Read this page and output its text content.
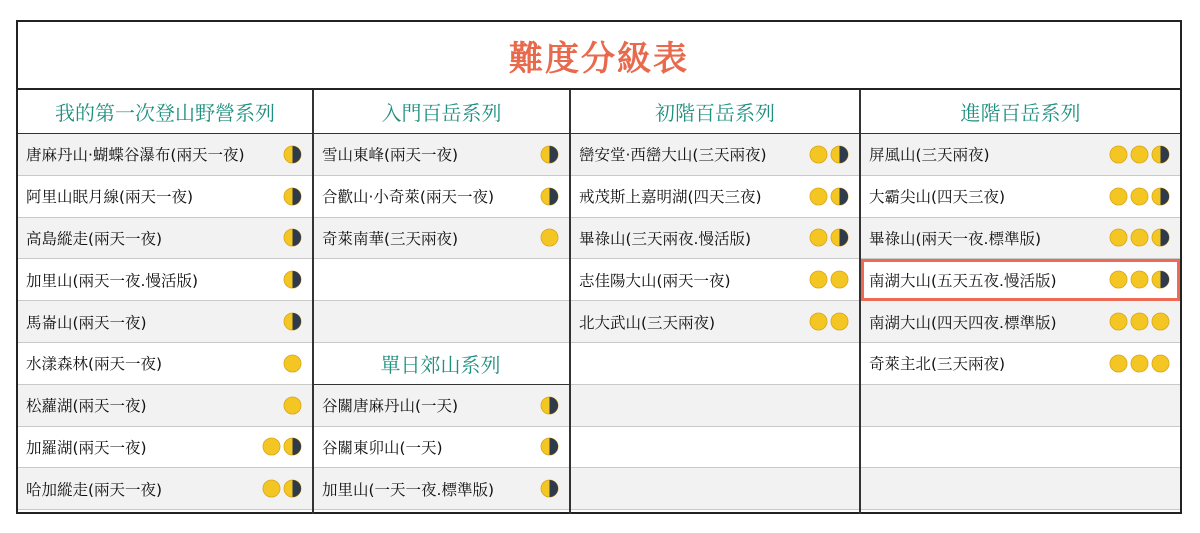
難度分級表
我的第一次登山野營系列
唐麻丹山·蝴蝶谷瀑布(兩天一夜)
阿里山眠月線(兩天一夜)
高島縱走(兩天一夜)
加里山(兩天一夜.慢活版)
馬崙山(兩天一夜)
水漾森林(兩天一夜)
松蘿湖(兩天一夜)
加羅湖(兩天一夜)
哈加縱走(兩天一夜)
入門百岳系列
雪山東峰(兩天一夜)
合歡山·小奇萊(兩天一夜)
奇萊南華(三天兩夜)
單日郊山系列
谷關唐麻丹山(一天)
谷關東卯山(一天)
加里山(一天一夜.標準版)
初階百岳系列
巒安堂·西巒大山(三天兩夜)
戒茂斯上嘉明湖(四天三夜)
畢祿山(三天兩夜.慢活版)
志佳陽大山(兩天一夜)
北大武山(三天兩夜)
進階百岳系列
屏風山(三天兩夜)
大霸尖山(四天三夜)
畢祿山(兩天一夜.標準版)
南湖大山(五天五夜.慢活版)
南湖大山(四天四夜.標準版)
奇萊主北(三天兩夜)
